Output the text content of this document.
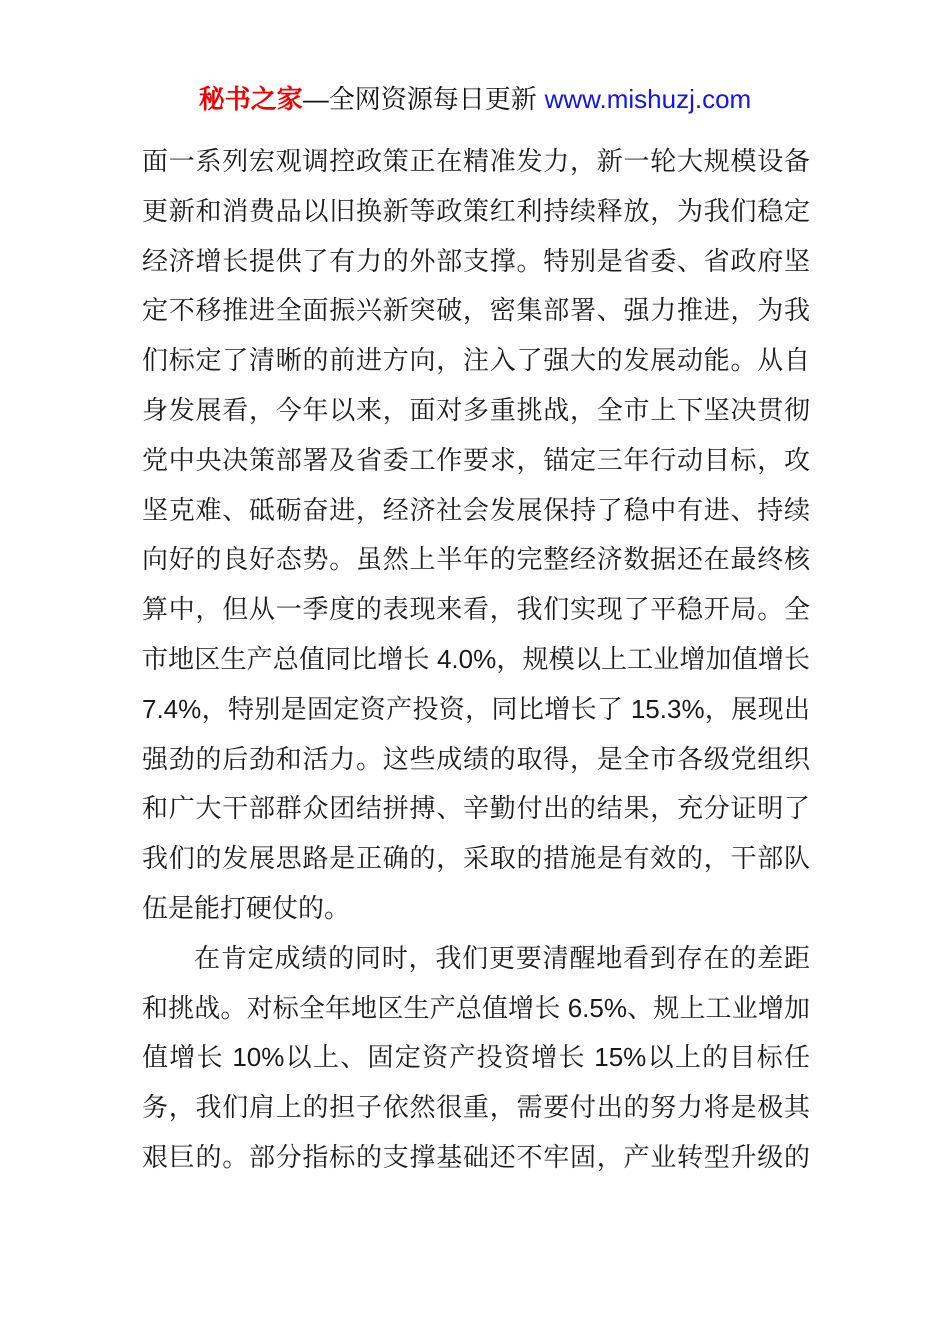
秘书之家—全网资源每日更新 www.mishuzj.com
面一系列宏观调控政策正在精准发力，新一轮大规模设备
更新和消费品以旧换新等政策红利持续释放，为我们稳定
经济增长提供了有力的外部支撑。特别是省委、省政府坚
定不移推进全面振兴新突破，密集部署、强力推进，为我
们标定了清晰的前进方向，注入了强大的发展动能。从自
身发展看，今年以来，面对多重挑战，全市上下坚决贯彻
党中央决策部署及省委工作要求，锚定三年行动目标，攻
坚克难、砥砺奋进，经济社会发展保持了稳中有进、持续
向好的良好态势。虽然上半年的完整经济数据还在最终核
算中，但从一季度的表现来看，我们实现了平稳开局。全
市地区生产总值同比增长 4.0%，规模以上工业增加值增长
7.4%，特别是固定资产投资，同比增长了 15.3%，展现出
强劲的后劲和活力。这些成绩的取得，是全市各级党组织
和广大干部群众团结拼搏、辛勤付出的结果，充分证明了
我们的发展思路是正确的，采取的措施是有效的，干部队
伍是能打硬仗的。
在肯定成绩的同时，我们更要清醒地看到存在的差距
和挑战。对标全年地区生产总值增长 6.5%、规上工业增加
值增长 10%以上、固定资产投资增长 15%以上的目标任
务，我们肩上的担子依然很重，需要付出的努力将是极其
艰巨的。部分指标的支撑基础还不牢固，产业转型升级的
